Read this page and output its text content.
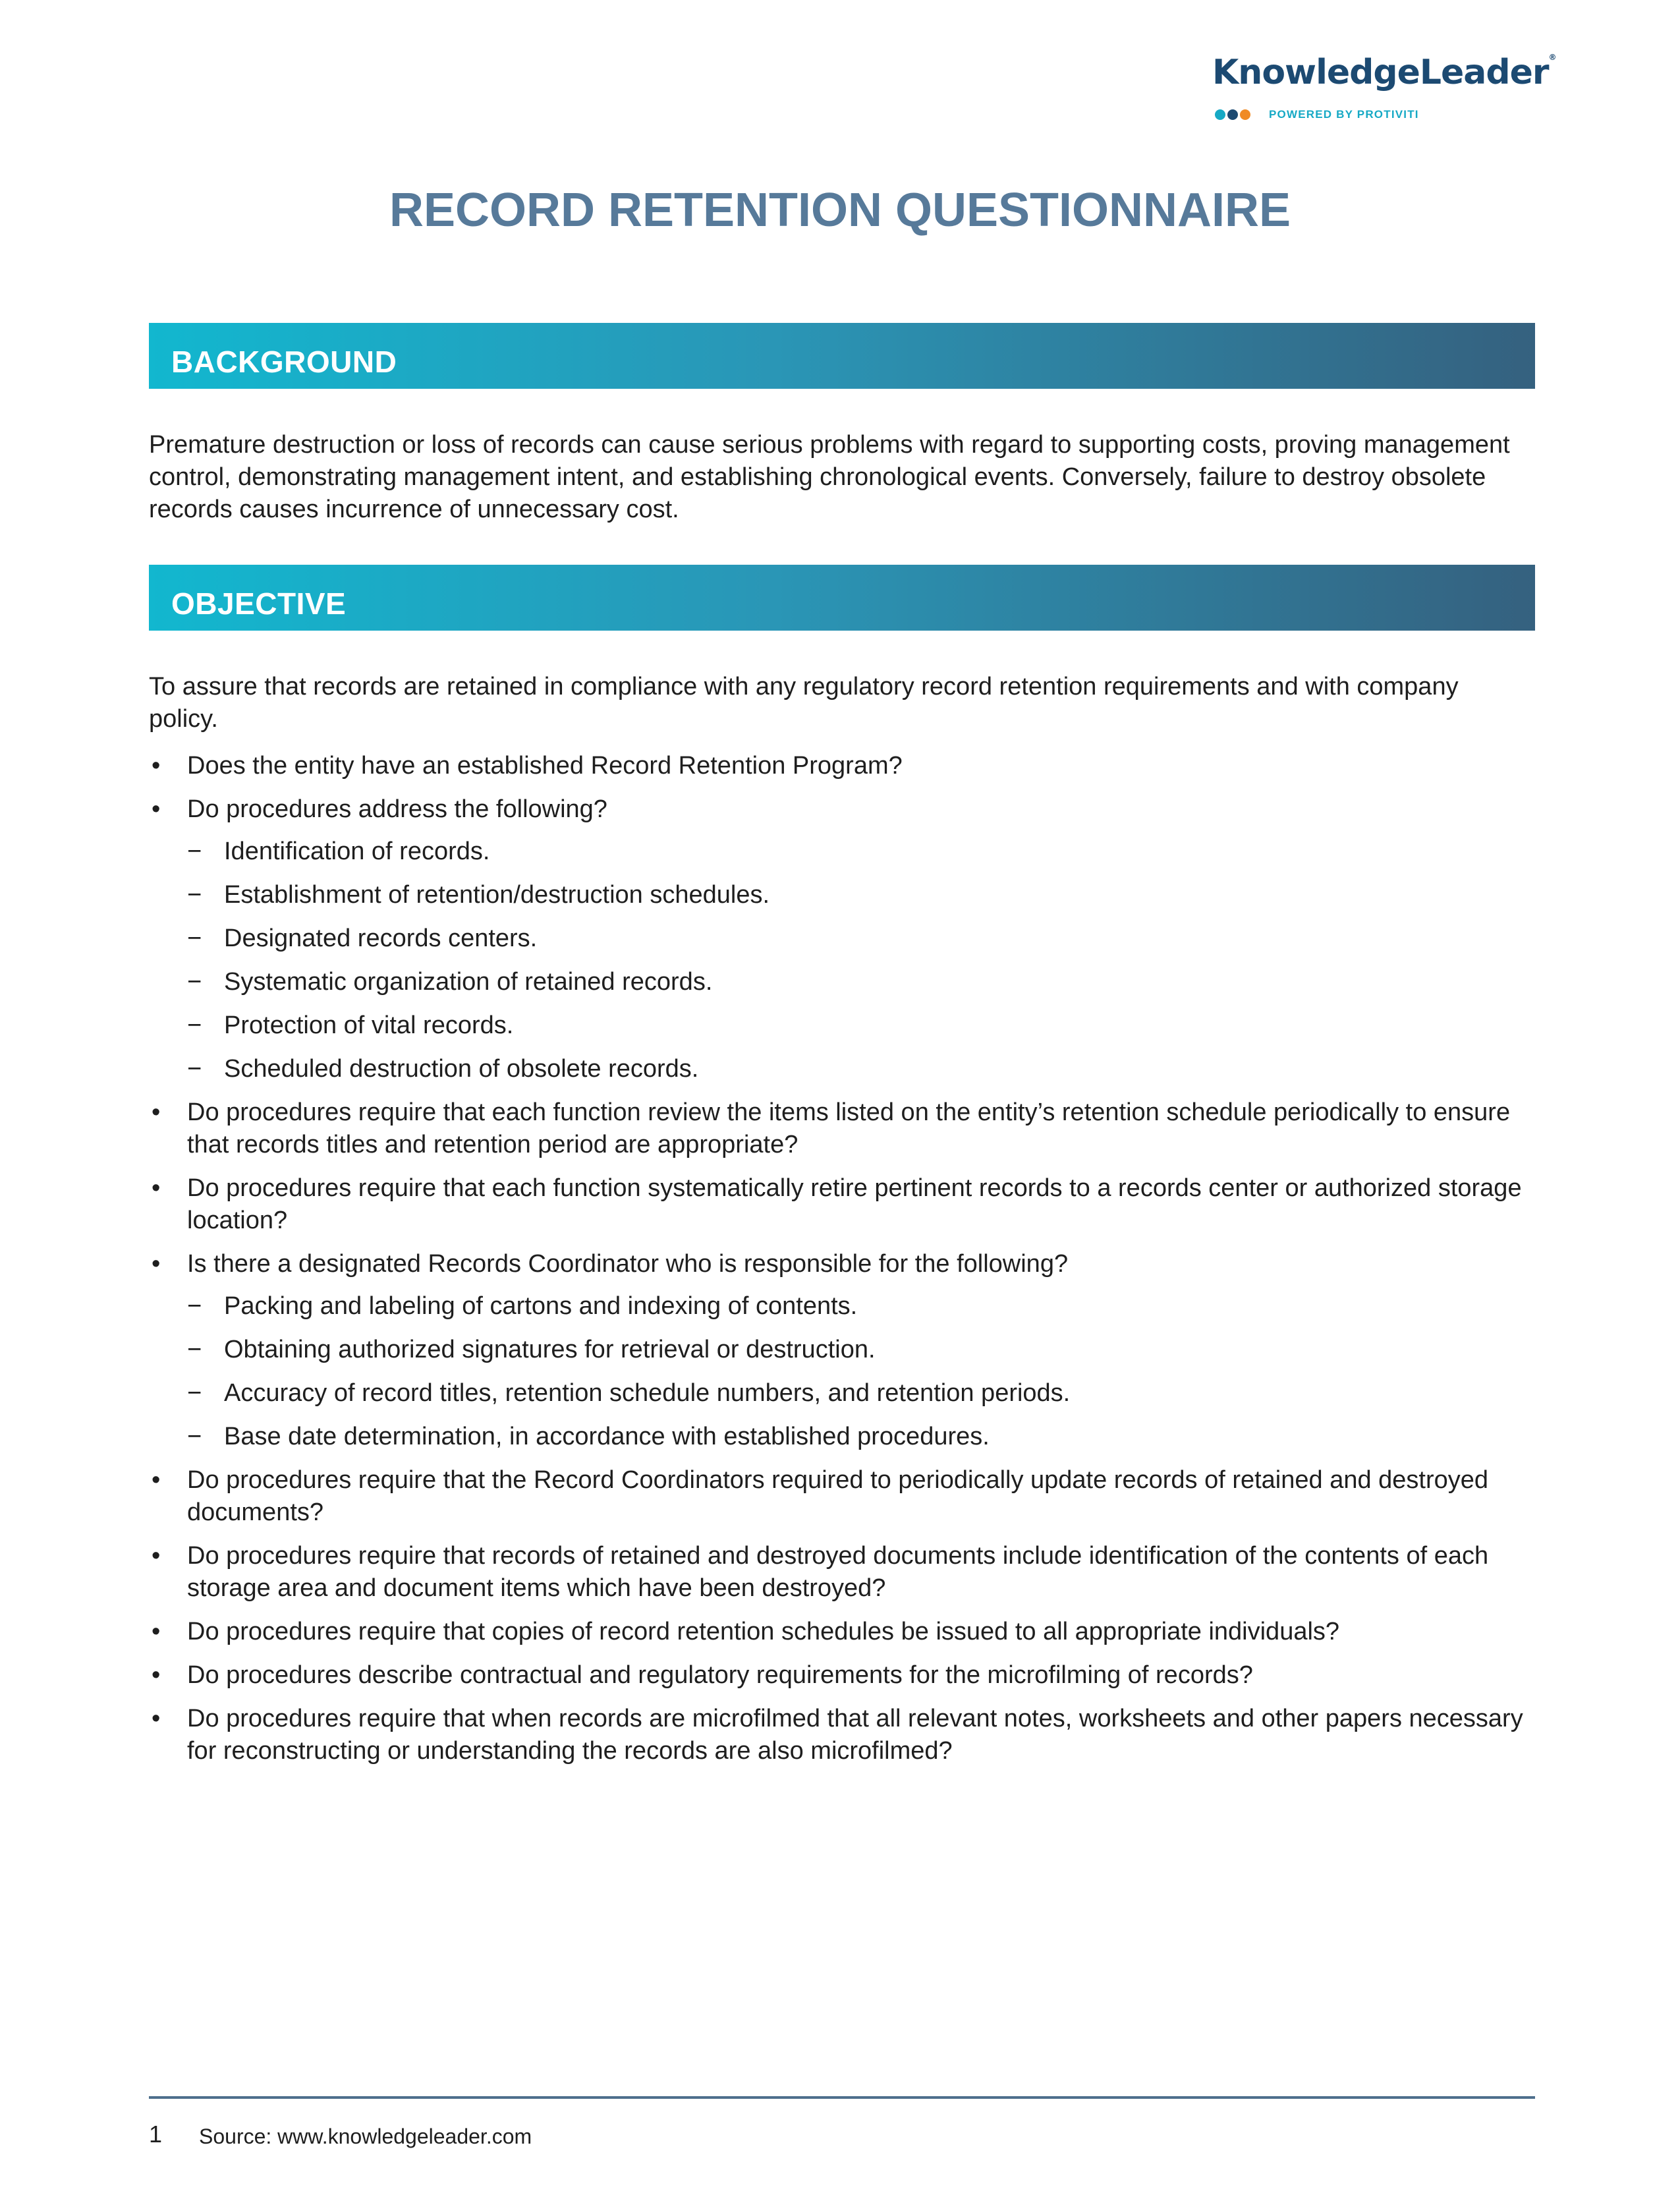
KnowledgeLeader®
POWERED BY PROTIVITI
RECORD RETENTION QUESTIONNAIRE
BACKGROUND

Premature destruction or loss of records can cause serious problems with regard to supporting costs, proving management control, demonstrating management intent, and establishing chronological events. Conversely, failure to destroy obsolete records causes incurrence of unnecessary cost.

OBJECTIVE

To assure that records are retained in compliance with any regulatory record retention requirements and with company policy.

• Does the entity have an established Record Retention Program?
• Do procedures address the following?
− Identification of records.
− Establishment of retention/destruction schedules.
− Designated records centers.
− Systematic organization of retained records.
− Protection of vital records.
− Scheduled destruction of obsolete records.
• Do procedures require that each function review the items listed on the entity’s retention schedule periodically to ensure that records titles and retention period are appropriate?
• Do procedures require that each function systematically retire pertinent records to a records center or authorized storage location?
• Is there a designated Records Coordinator who is responsible for the following?
− Packing and labeling of cartons and indexing of contents.
− Obtaining authorized signatures for retrieval or destruction.
− Accuracy of record titles, retention schedule numbers, and retention periods.
− Base date determination, in accordance with established procedures.
• Do procedures require that the Record Coordinators required to periodically update records of retained and destroyed documents?
• Do procedures require that records of retained and destroyed documents include identification of the contents of each storage area and document items which have been destroyed?
• Do procedures require that copies of record retention schedules be issued to all appropriate individuals?
• Do procedures describe contractual and regulatory requirements for the microfilming of records?
• Do procedures require that when records are microfilmed that all relevant notes, worksheets and other papers necessary for reconstructing or understanding the records are also microfilmed?
1 Source: www.knowledgeleader.com
